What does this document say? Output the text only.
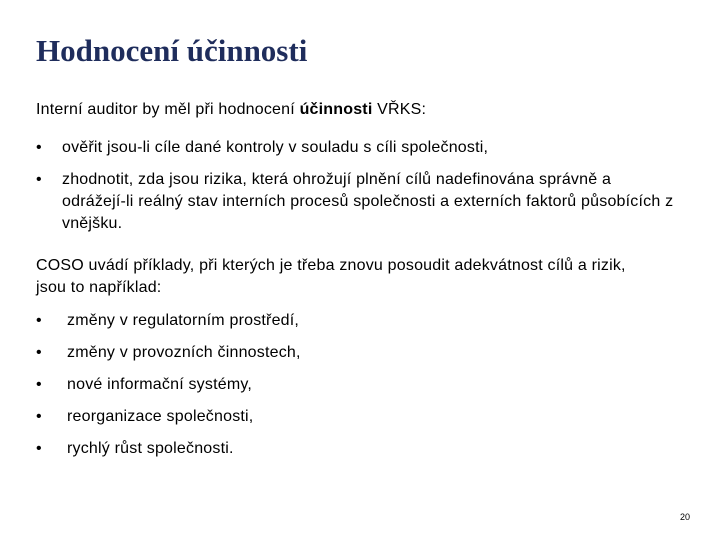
Hodnocení účinnosti

Interní auditor by měl při hodnocení účinnosti VŘKS:

•	ověřit jsou-li cíle dané kontroly v souladu s cíli společnosti,
•	zhodnotit, zda jsou rizika, která ohrožují plnění cílů nadefinována správně a odrážejí-li reálný stav interních procesů společnosti a externích faktorů působících z vnějšku.

COSO uvádí příklady, při kterých je třeba znovu posoudit adekvátnost cílů a rizik, jsou to například:

•	změny v regulatorním prostředí,
•	změny v provozních činnostech,
•	nové informační systémy,
•	reorganizace společnosti,
•	rychlý růst společnosti.

20
